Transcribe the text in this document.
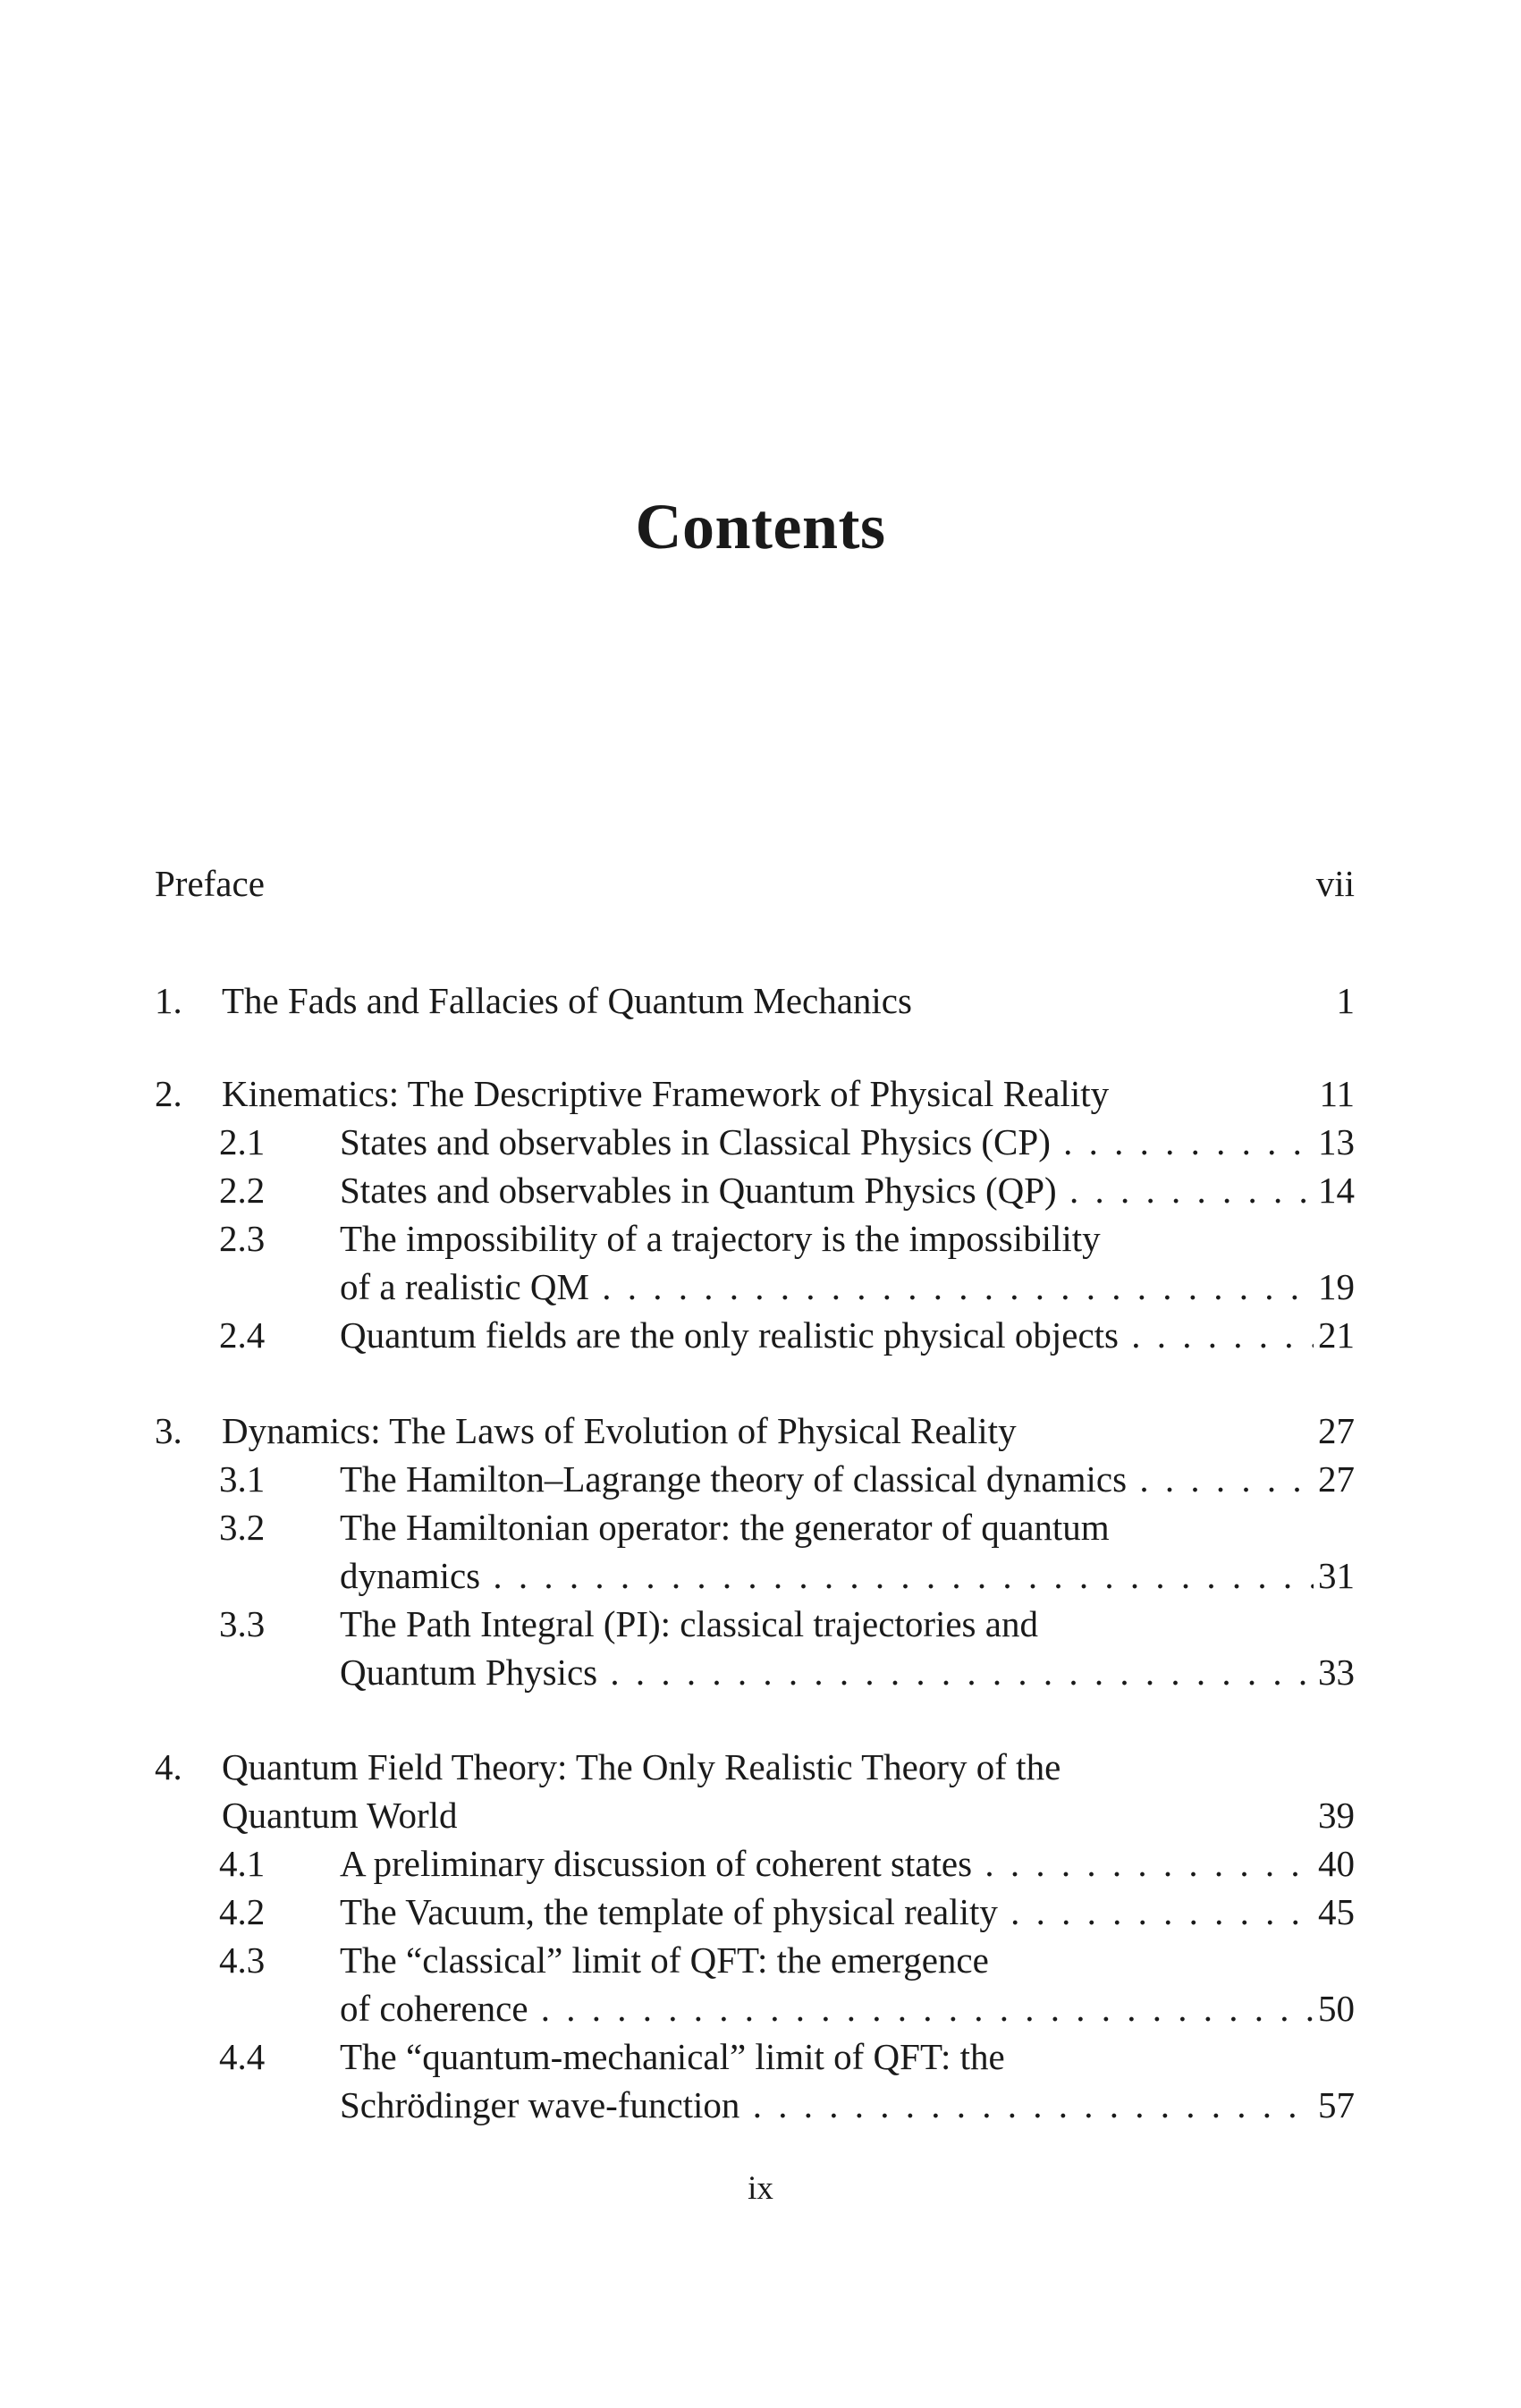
Contents
Preface	vii
1. The Fads and Fallacies of Quantum Mechanics	1
2. Kinematics: The Descriptive Framework of Physical Reality	11
2.1 States and observables in Classical Physics (CP) . . .	13
2.2 States and observables in Quantum Physics (QP) . . .	14
2.3 The impossibility of a trajectory is the impossibility
of a realistic QM . . .	19
2.4 Quantum fields are the only realistic physical objects . . .	21
3. Dynamics: The Laws of Evolution of Physical Reality	27
3.1 The Hamilton–Lagrange theory of classical dynamics . . .	27
3.2 The Hamiltonian operator: the generator of quantum
dynamics . . .	31
3.3 The Path Integral (PI): classical trajectories and
Quantum Physics . . .	33
4. Quantum Field Theory: The Only Realistic Theory of the
Quantum World	39
4.1 A preliminary discussion of coherent states . . .	40
4.2 The Vacuum, the template of physical reality . . .	45
4.3 The “classical” limit of QFT: the emergence
of coherence . . .	50
4.4 The “quantum-mechanical” limit of QFT: the
Schrödinger wave-function . . .	57
ix
